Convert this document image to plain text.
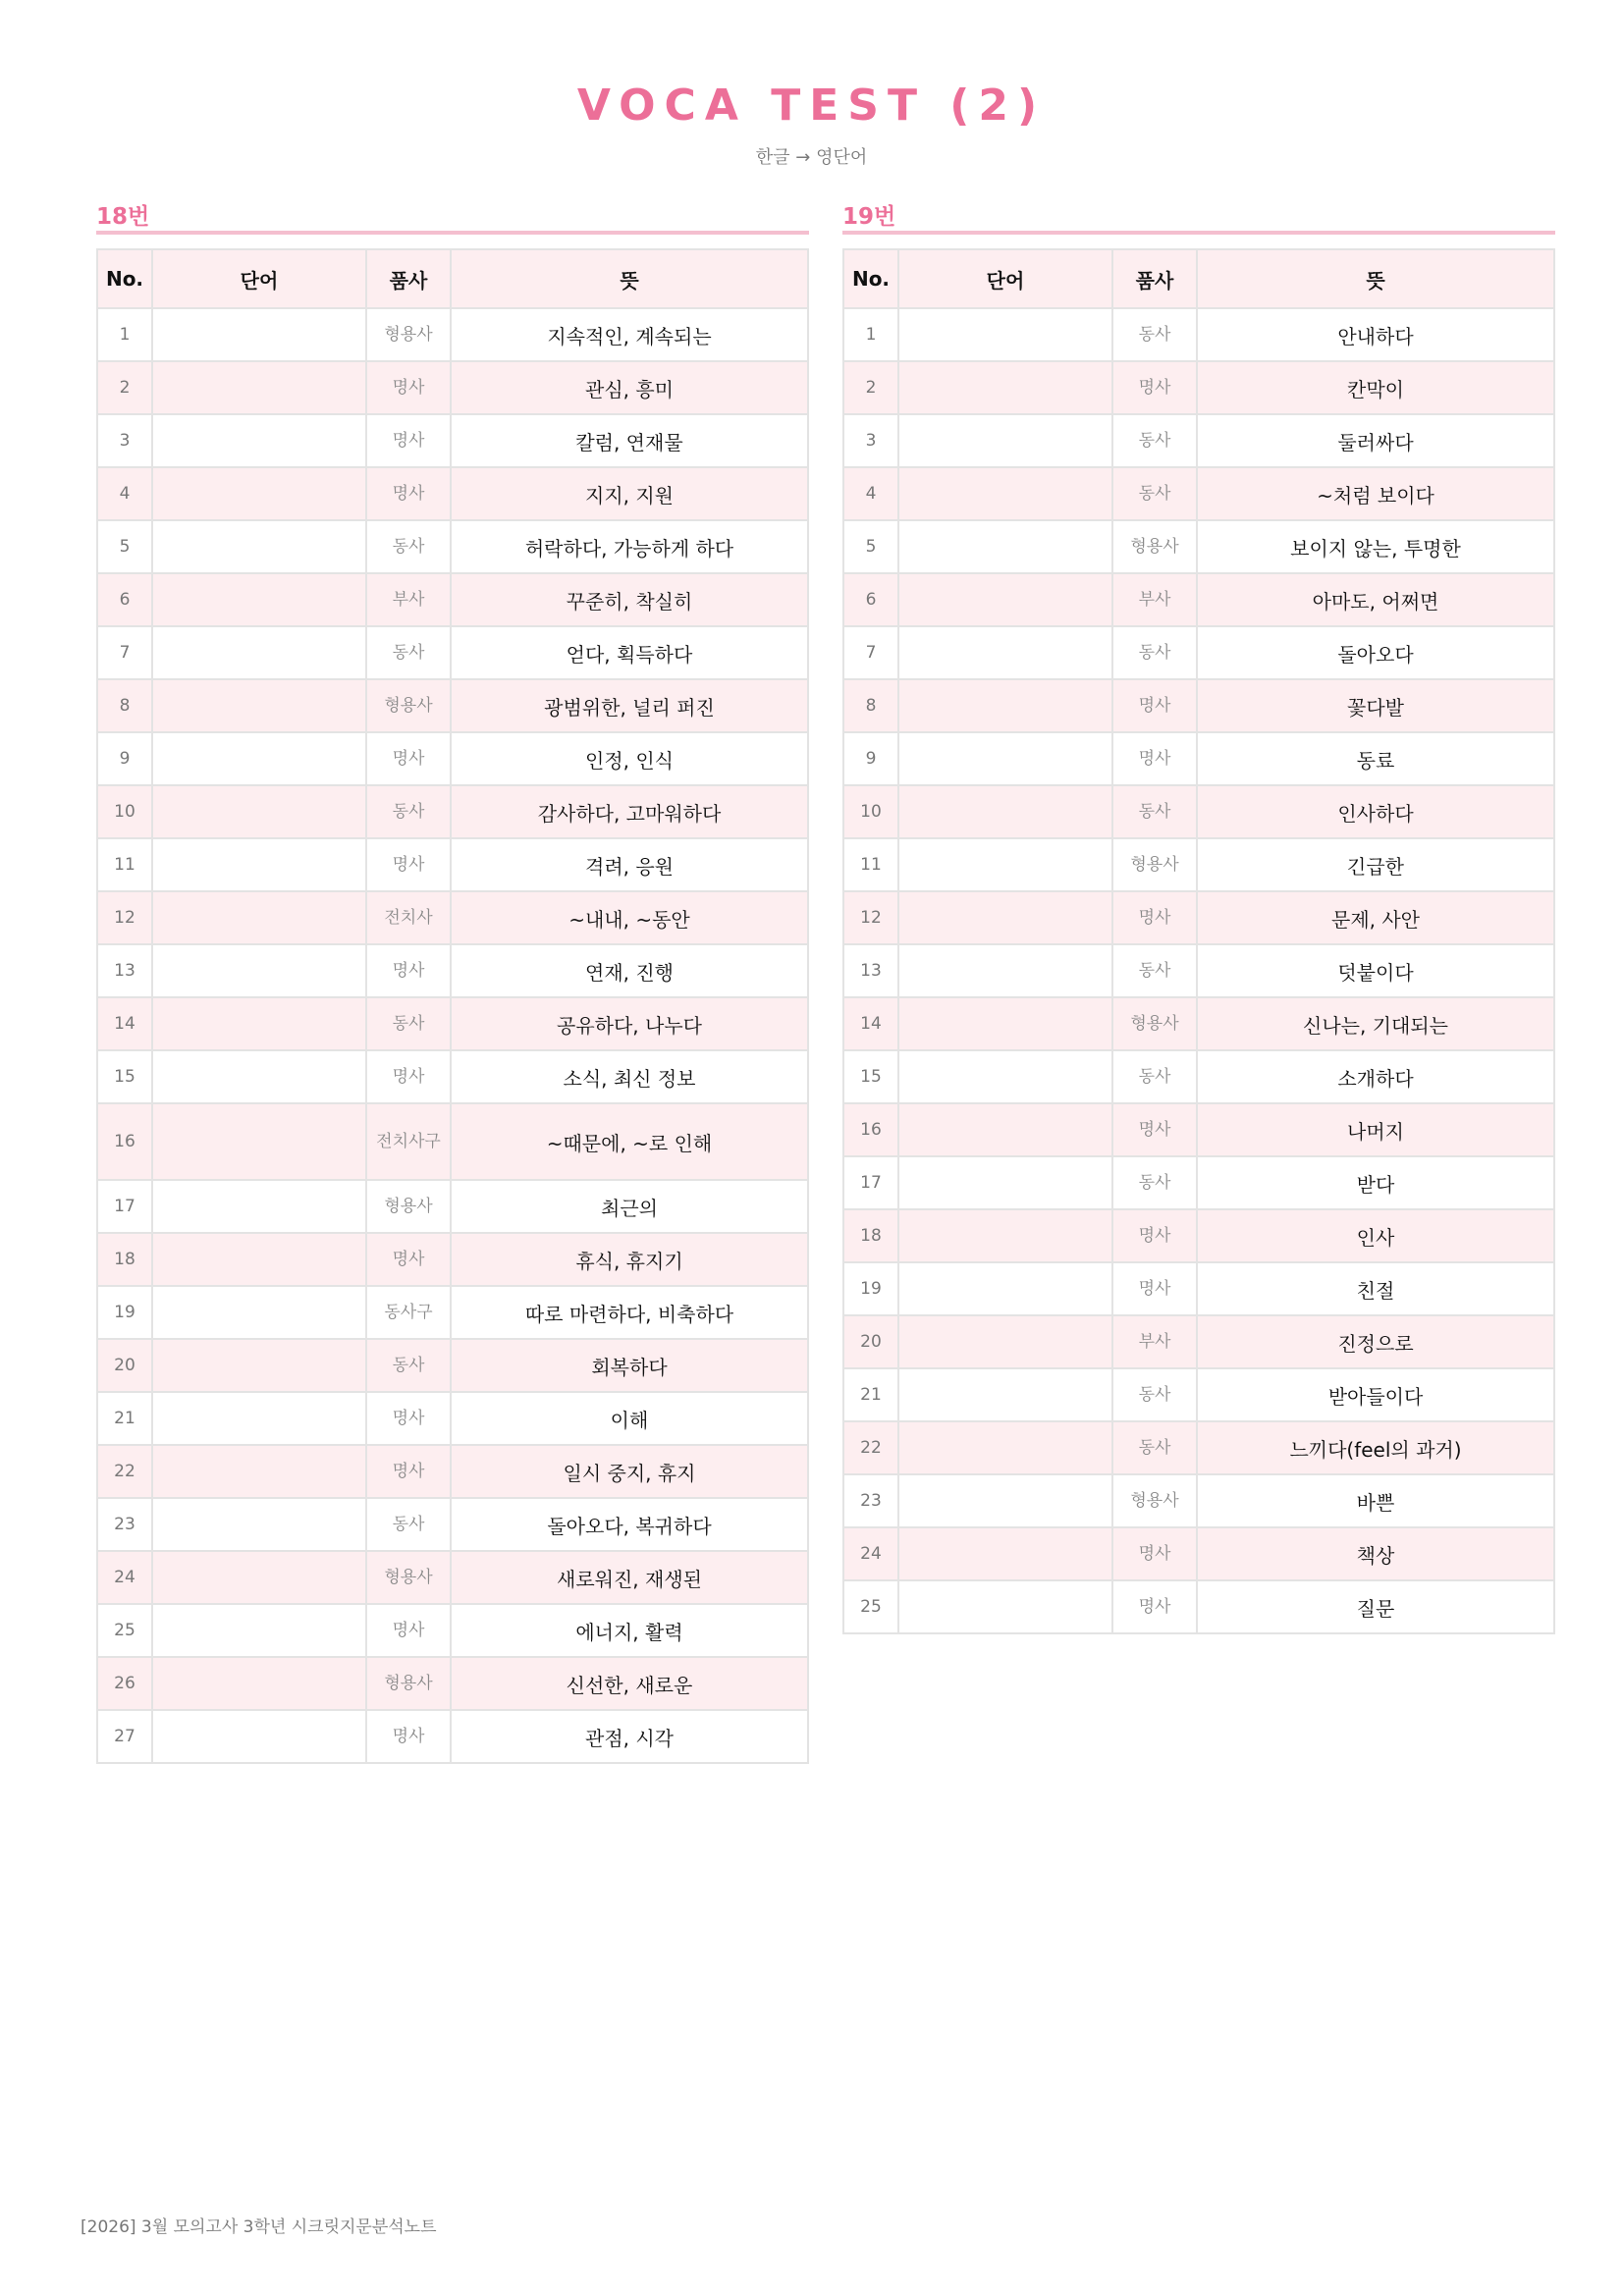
VOCA TEST (2)
한글 → 영단어
18번
No.	단어	품사	뜻
1		형용사	지속적인, 계속되는
2		명사	관심, 흥미
3		명사	칼럼, 연재물
4		명사	지지, 지원
5		동사	허락하다, 가능하게 하다
6		부사	꾸준히, 착실히
7		동사	얻다, 획득하다
8		형용사	광범위한, 널리 퍼진
9		명사	인정, 인식
10		동사	감사하다, 고마워하다
11		명사	격려, 응원
12		전치사	~내내, ~동안
13		명사	연재, 진행
14		동사	공유하다, 나누다
15		명사	소식, 최신 정보
16		전치사구	~때문에, ~로 인해
17		형용사	최근의
18		명사	휴식, 휴지기
19		동사구	따로 마련하다, 비축하다
20		동사	회복하다
21		명사	이해
22		명사	일시 중지, 휴지
23		동사	돌아오다, 복귀하다
24		형용사	새로워진, 재생된
25		명사	에너지, 활력
26		형용사	신선한, 새로운
27		명사	관점, 시각
19번
No.	단어	품사	뜻
1		동사	안내하다
2		명사	칸막이
3		동사	둘러싸다
4		동사	~처럼 보이다
5		형용사	보이지 않는, 투명한
6		부사	아마도, 어쩌면
7		동사	돌아오다
8		명사	꽃다발
9		명사	동료
10		동사	인사하다
11		형용사	긴급한
12		명사	문제, 사안
13		동사	덧붙이다
14		형용사	신나는, 기대되는
15		동사	소개하다
16		명사	나머지
17		동사	받다
18		명사	인사
19		명사	친절
20		부사	진정으로
21		동사	받아들이다
22		동사	느끼다(feel의 과거)
23		형용사	바쁜
24		명사	책상
25		명사	질문
[2026] 3월 모의고사 3학년 시크릿지문분석노트
